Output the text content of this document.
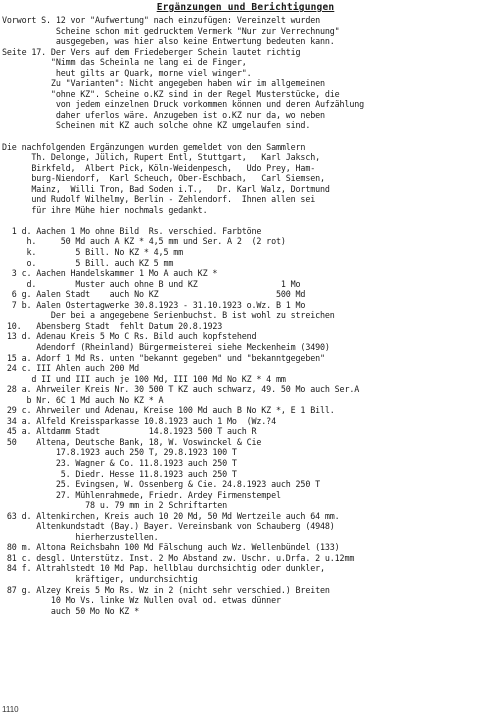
Ergänzungen und Berichtigungen
Vorwort S. 12 vor "Aufwertung" nach einzufügen: Vereinzelt wurden
Scheine schon mit gedrucktem Vermerk "Nur zur Verrechnung"
ausgegeben, was hier also keine Entwertung bedeuten kann.
Seite 17. Der Vers auf dem Friedeberger Schein lautet richtig
"Nimm das Scheinla ne lang ei de Finger,
heut gilts ar Quark, morne viel winger".
Zu "Varianten": Nicht angegeben haben wir im allgemeinen
"ohne KZ". Scheine o.KZ sind in der Regel Musterstücke, die
von jedem einzelnen Druck vorkommen können und deren Aufzählung
daher uferlos wäre. Anzugeben ist o.KZ nur da, wo neben
Scheinen mit KZ auch solche ohne KZ umgelaufen sind.
Die nachfolgenden Ergänzungen wurden gemeldet von den Sammlern
Th. Delonge, Jülich, Rupert Entl, Stuttgart,   Karl Jaksch,
Birkfeld,  Albert Pick, Köln-Weidenpesch,   Udo Prey, Ham-
burg-Niendorf,  Karl Scheuch, Ober-Eschbach,   Carl Siemsen,
Mainz,  Willi Tron, Bad Soden i.T.,   Dr. Karl Walz, Dortmund
und Rudolf Wilhelmy, Berlin - Zehlendorf.  Ihnen allen sei
für ihre Mühe hier nochmals gedankt.
1 d. Aachen 1 Mo ohne Bild  Rs. verschied. Farbtöne
h.     50 Md auch A KZ * 4,5 mm und Ser. A 2  (2 rot)
k.        5 Bill. No KZ * 4,5 mm
o.        5 Bill. auch KZ 5 mm
3 c. Aachen Handelskammer 1 Mo A auch KZ *
d.        Muster auch ohne B und KZ                 1 Mo
6 g. Aalen Stadt    auch No KZ                        500 Md
7 b. Aalen Ostertagwerke 30.8.1923 - 31.10.1923 o.Wz. B 1 Mo
Der bei a angegebene Serienbuchst. B ist wohl zu streichen
10.   Abensberg Stadt  fehlt Datum 20.8.1923
13 d. Adenau Kreis 5 Mo C Rs. Bild auch kopfstehend
Adendorf (Rheinland) Bürgermeisterei siehe Meckenheim (3490)
15 a. Adorf 1 Md Rs. unten "bekannt gegeben" und "bekanntgegeben"
24 c. III Ahlen auch 200 Md
d II und III auch je 100 Md, III 100 Md No KZ * 4 mm
28 a. Ahrweiler Kreis Nr. 30 500 T KZ auch schwarz, 49. 50 Mo auch Ser.A
b Nr. 6C 1 Md auch No KZ * A
29 c. Ahrweiler und Adenau, Kreise 100 Md auch B No KZ *, E 1 Bill.
34 a. Alfeld Kreissparkasse 10.8.1923 auch 1 Mo  (Wz.?4
45 a. Altdamm Stadt          14.8.1923 500 T auch R
50    Altena, Deutsche Bank, 18, W. Voswinckel & Cie
17.8.1923 auch 250 T, 29.8.1923 100 T
23. Wagner & Co. 11.8.1923 auch 250 T
5. Diedr. Hesse 11.8.1923 auch 250 T
25. Evingsen, W. Ossenberg & Cie. 24.8.1923 auch 250 T
27. Mühlenrahmede, Friedr. Ardey Firmenstempel
78 u. 79 mm in 2 Schriftarten
63 d. Altenkirchen, Kreis auch 10 20 Md, 50 Md Wertzeile auch 64 mm.
Altenkundstadt (Bay.) Bayer. Vereinsbank von Schauberg (4948)
hierherzustellen.
80 m. Altona Reichsbahn 100 Md Fälschung auch Wz. Wellenbündel (133)
81 c. desgl. Unterstütz. Inst. 2 Mo Abstand zw. Uschr. u.Drfa. 2 u.12mm
84 f. Altrahlstedt 10 Md Pap. hellblau durchsichtig oder dunkler,
kräftiger, undurchsichtig
87 g. Alzey Kreis 5 Mo Rs. Wz in 2 (nicht sehr verschied.) Breiten
10 Mo Vs. linke Wz Nullen oval od. etwas dünner
auch 50 Mo No KZ *
1110
